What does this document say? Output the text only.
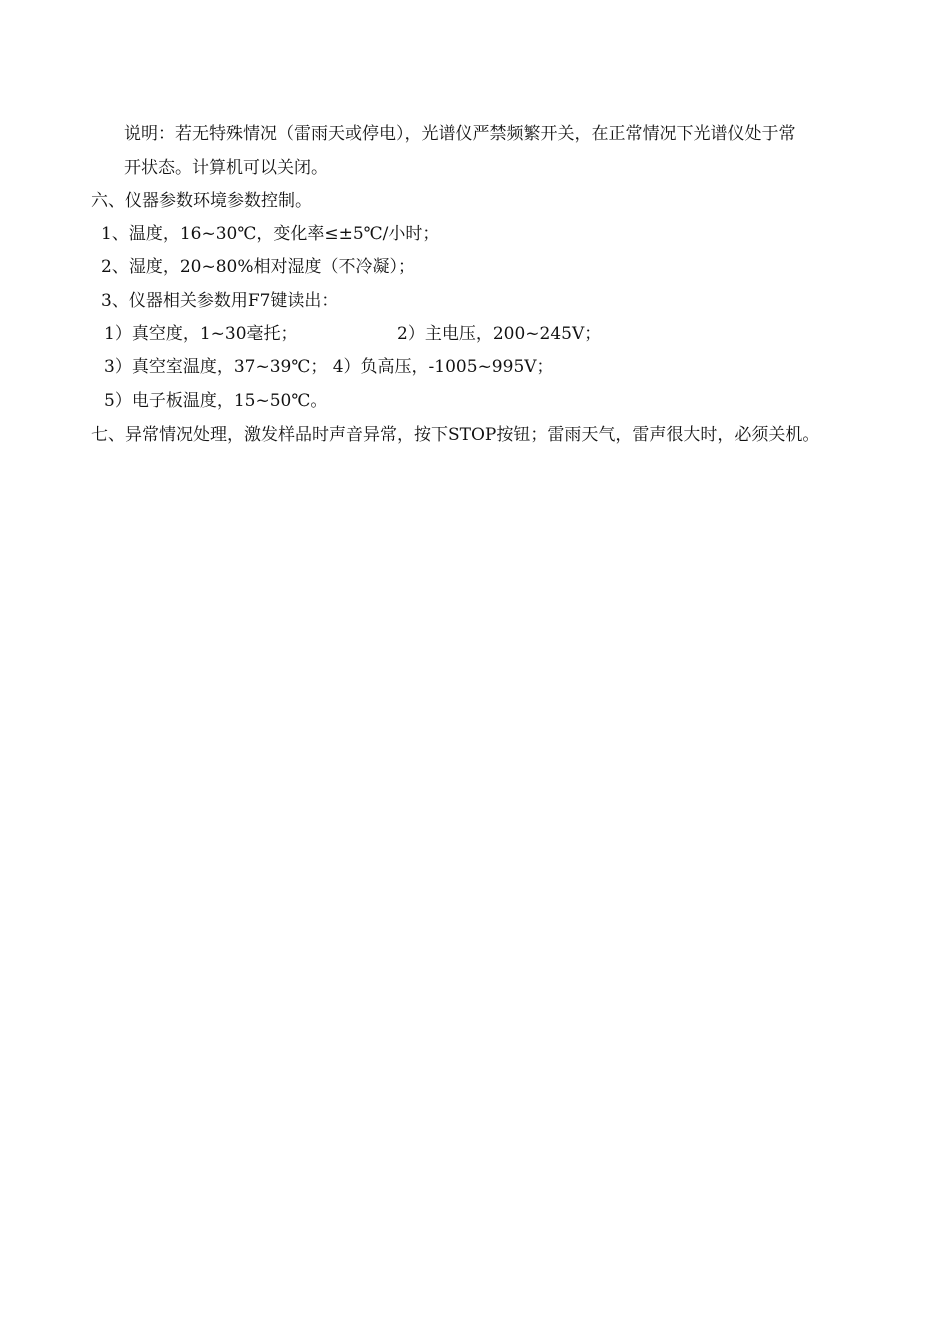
说明：若无特殊情况（雷雨天或停电），光谱仪严禁频繁开关，在正常情况下光谱仪处于常
开状态。计算机可以关闭。
六、仪器参数环境参数控制。
1、温度，16~30℃，变化率≤±5℃/小时；
2、湿度，20~80%相对湿度（不冷凝）；
3、仪器相关参数用F7键读出：
1）真空度，1~30毫托；	2）主电压，200~245V；
3）真空室温度，37~39℃； 4）负高压，-1005~995V；
5）电子板温度，15~50℃。
七、异常情况处理，激发样品时声音异常，按下STOP按钮；雷雨天气，雷声很大时，必须关机。
